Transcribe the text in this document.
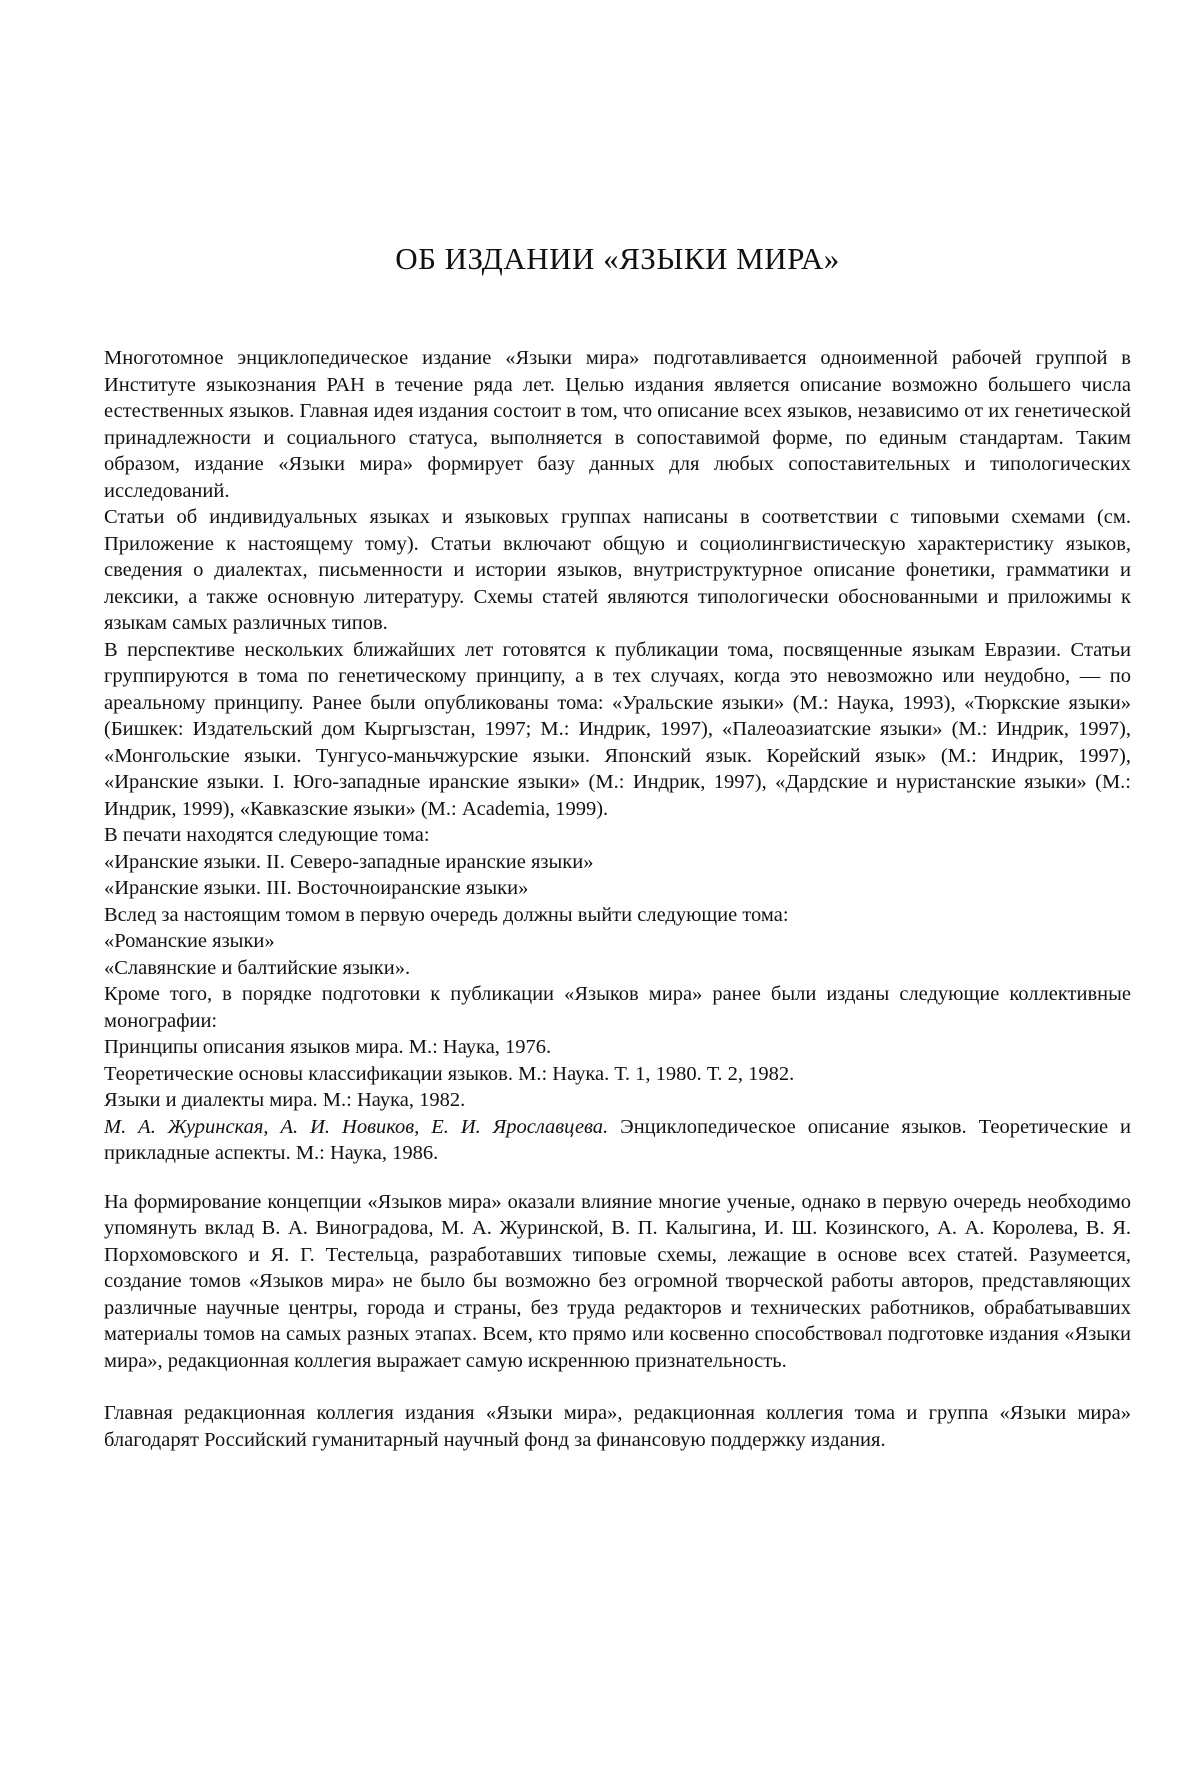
ОБ ИЗДАНИИ «ЯЗЫКИ МИРА»

Многотомное энциклопедическое издание «Языки мира» подготавливается одноименной рабочей группой в Институте языкознания РАН в течение ряда лет. Целью издания является описание возможно большего числа естественных языков. Главная идея издания состоит в том, что описание всех языков, независимо от их генетической принадлежности и социального статуса, выполняется в сопоставимой форме, по единым стандартам. Таким образом, издание «Языки мира» формирует базу данных для любых сопоставительных и типологических исследований.

Статьи об индивидуальных языках и языковых группах написаны в соответствии с типовыми схемами (см. Приложение к настоящему тому). Статьи включают общую и социолингвистическую характеристику языков, сведения о диалектах, письменности и истории языков, внутриструктурное описание фонетики, грамматики и лексики, а также основную литературу. Схемы статей являются типологически обоснованными и приложимы к языкам самых различных типов.

В перспективе нескольких ближайших лет готовятся к публикации тома, посвященные языкам Евразии. Статьи группируются в тома по генетическому принципу, а в тех случаях, когда это невозможно или неудобно, — по ареальному принципу. Ранее были опубликованы тома: «Уральские языки» (М.: Наука, 1993), «Тюркские языки» (Бишкек: Издательский дом Кыргызстан, 1997; М.: Индрик, 1997), «Палеоазиатские языки» (М.: Индрик, 1997), «Монгольские языки. Тунгусо-маньчжурские языки. Японский язык. Корейский язык» (М.: Индрик, 1997), «Иранские языки. I. Юго-западные иранские языки» (М.: Индрик, 1997), «Дардские и нуристанские языки» (М.: Индрик, 1999), «Кавказские языки» (М.: Academia, 1999).

В печати находятся следующие тома:

«Иранские языки. II. Северо-западные иранские языки»

«Иранские языки. III. Восточноиранские языки»

Вслед за настоящим томом в первую очередь должны выйти следующие тома:

«Романские языки»

«Славянские и балтийские языки».

Кроме того, в порядке подготовки к публикации «Языков мира» ранее были изданы следующие коллективные монографии:

Принципы описания языков мира. М.: Наука, 1976.

Теоретические основы классификации языков. М.: Наука. Т. 1, 1980. Т. 2, 1982.

Языки и диалекты мира. М.: Наука, 1982.

М. А. Журинская, А. И. Новиков, Е. И. Ярославцева. Энциклопедическое описание языков. Теоретические и прикладные аспекты. М.: Наука, 1986.

На формирование концепции «Языков мира» оказали влияние многие ученые, однако в первую очередь необходимо упомянуть вклад В. А. Виноградова, М. А. Журинской, В. П. Калыгина, И. Ш. Козинского, А. А. Королева, В. Я. Порхомовского и Я. Г. Тестельца, разработавших типовые схемы, лежащие в основе всех статей. Разумеется, создание томов «Языков мира» не было бы возможно без огромной творческой работы авторов, представляющих различные научные центры, города и страны, без труда редакторов и технических работников, обрабатывавших материалы томов на самых разных этапах. Всем, кто прямо или косвенно способствовал подготовке издания «Языки мира», редакционная коллегия выражает самую искреннюю признательность.

Главная редакционная коллегия издания «Языки мира», редакционная коллегия тома и группа «Языки мира» благодарят Российский гуманитарный научный фонд за финансовую поддержку издания.
